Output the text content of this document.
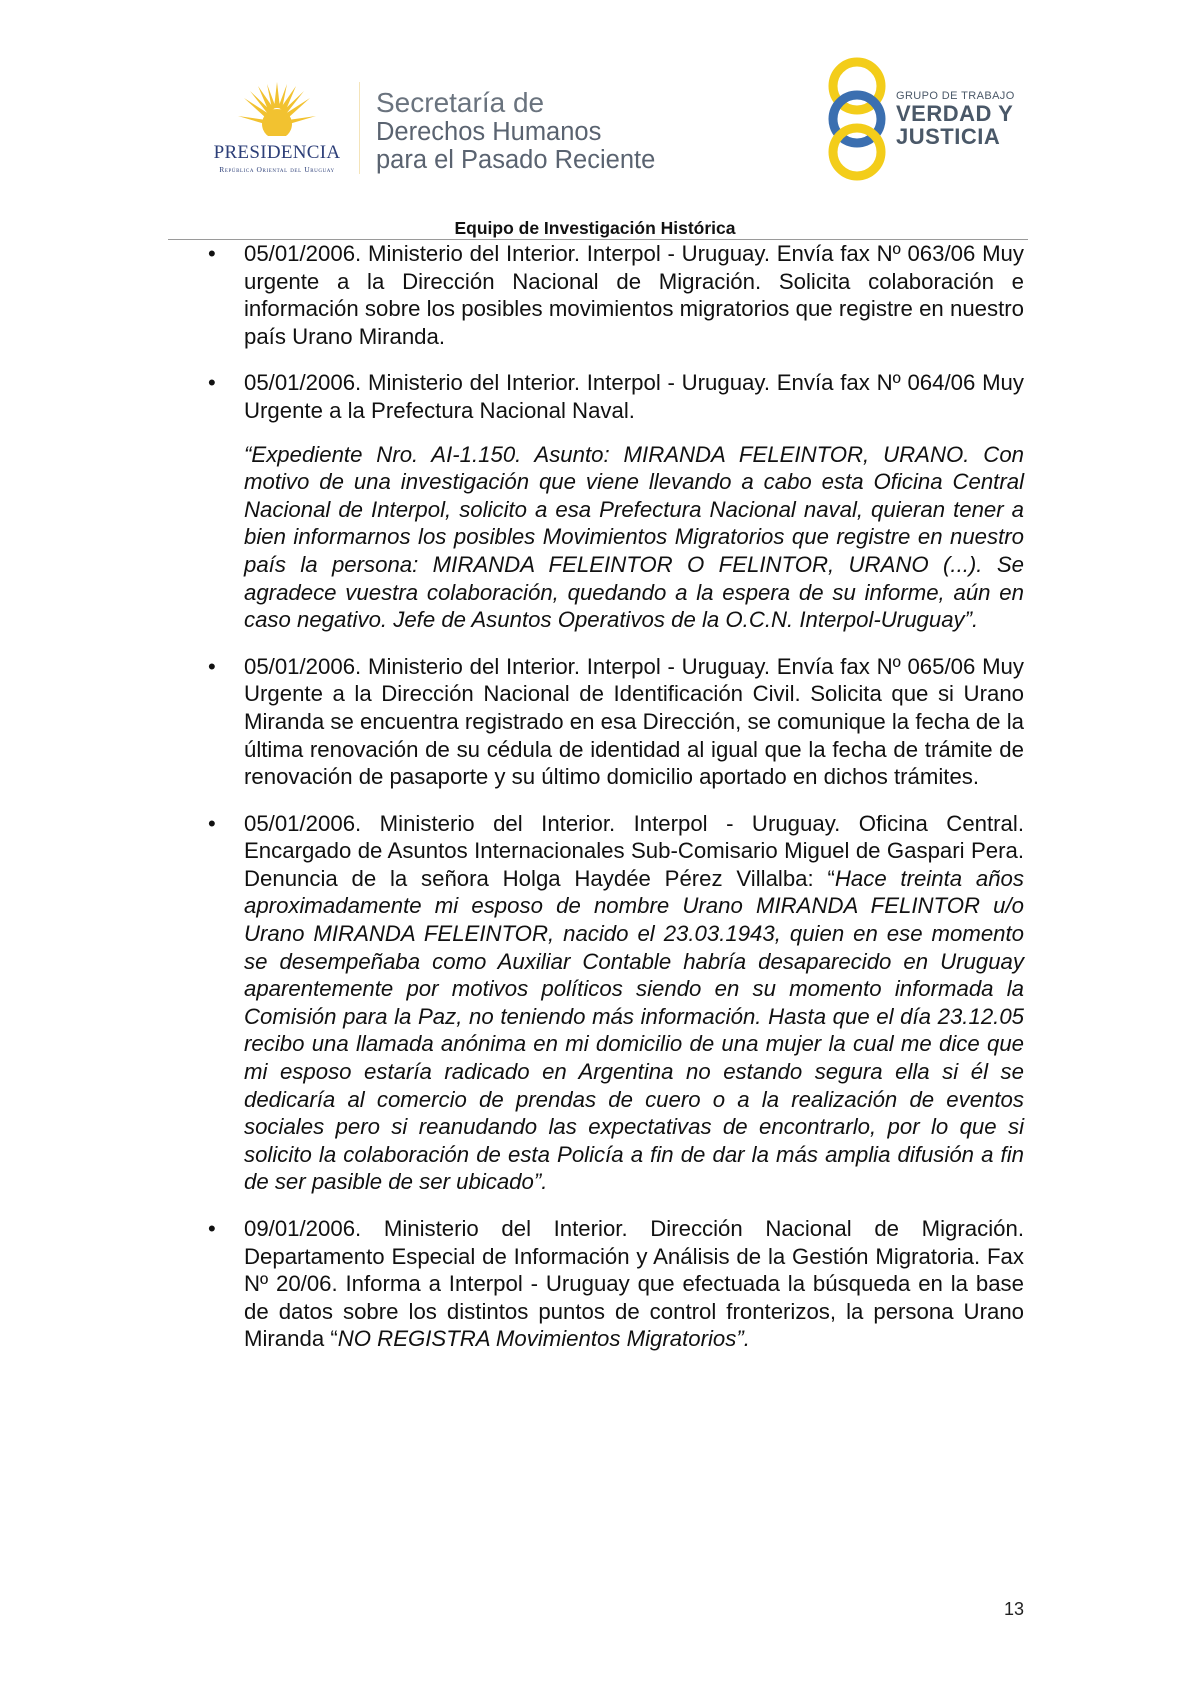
PRESIDENCIA
República Oriental del Uruguay
Secretaría de
Derechos Humanos
para el Pasado Reciente
GRUPO DE TRABAJO
VERDAD Y
JUSTICIA
Equipo de Investigación Histórica
• 05/01/2006. Ministerio del Interior. Interpol - Uruguay. Envía fax Nº 063/06 Muy urgente a la Dirección Nacional de Migración. Solicita colaboración e información sobre los posibles movimientos migratorios que registre en nuestro país Urano Miranda.

• 05/01/2006. Ministerio del Interior. Interpol - Uruguay. Envía fax Nº 064/06 Muy Urgente a la Prefectura Nacional Naval.

“Expediente Nro. AI-1.150. Asunto: MIRANDA FELEINTOR, URANO. Con motivo de una investigación que viene llevando a cabo esta Oficina Central Nacional de Interpol, solicito a esa Prefectura Nacional naval, quieran tener a bien informarnos los posibles Movimientos Migratorios que registre en nuestro país la persona: MIRANDA FELEINTOR O FELINTOR, URANO (...). Se agradece vuestra colaboración, quedando a la espera de su informe, aún en caso negativo. Jefe de Asuntos Operativos de la O.C.N. Interpol-Uruguay”.

• 05/01/2006. Ministerio del Interior. Interpol - Uruguay. Envía fax Nº 065/06 Muy Urgente a la Dirección Nacional de Identificación Civil. Solicita que si Urano Miranda se encuentra registrado en esa Dirección, se comunique la fecha de la última renovación de su cédula de identidad al igual que la fecha de trámite de renovación de pasaporte y su último domicilio aportado en dichos trámites.

• 05/01/2006. Ministerio del Interior. Interpol - Uruguay. Oficina Central. Encargado de Asuntos Internacionales Sub-Comisario Miguel de Gaspari Pera. Denuncia de la señora Holga Haydée Pérez Villalba: “Hace treinta años aproximadamente mi esposo de nombre Urano MIRANDA FELINTOR u/o Urano MIRANDA FELEINTOR, nacido el 23.03.1943, quien en ese momento se desempeñaba como Auxiliar Contable habría desaparecido en Uruguay aparentemente por motivos políticos siendo en su momento informada la Comisión para la Paz, no teniendo más información. Hasta que el día 23.12.05 recibo una llamada anónima en mi domicilio de una mujer la cual me dice que mi esposo estaría radicado en Argentina no estando segura ella si él se dedicaría al comercio de prendas de cuero o a la realización de eventos sociales pero si reanudando las expectativas de encontrarlo, por lo que si solicito la colaboración de esta Policía a fin de dar la más amplia difusión a fin de ser pasible de ser ubicado”.

• 09/01/2006. Ministerio del Interior. Dirección Nacional de Migración. Departamento Especial de Información y Análisis de la Gestión Migratoria. Fax Nº 20/06. Informa a Interpol - Uruguay que efectuada la búsqueda en la base de datos sobre los distintos puntos de control fronterizos, la persona Urano Miranda “NO REGISTRA Movimientos Migratorios”.

13
